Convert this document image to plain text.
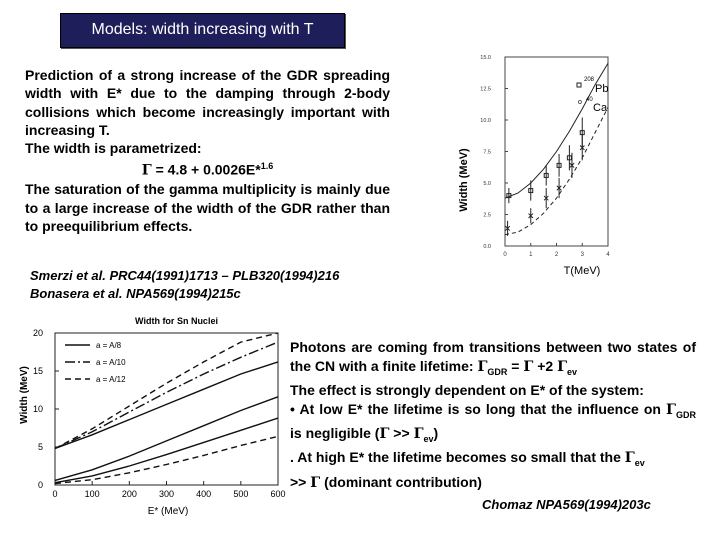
Models: width increasing with T
Prediction of a strong increase of the GDR spreading width with E* due to the damping through 2-body collisions which become increasingly important with increasing T.
The width is parametrized:
Γ = 4.8 + 0.0026E*$^{1.6}$
The saturation of the gamma multiplicity is mainly due to a large increase of the width of the GDR rather than to preequilibrium effects.
Smerzi et al. PRC44(1991)1713 – PLB320(1994)216
Bonasera et al. NPA569(1994)215c
Photons are coming from transitions between two states of the CN with a finite lifetime: $\Gamma_{GDR} = \Gamma +2$ $\Gamma_{ev}$
The effect is strongly dependent on E* of the system:
• At low E* the lifetime is so long that the influence on $\Gamma_{GDR}$ is negligible $(\Gamma >> \Gamma_{ev})$
. At high E* the lifetime becomes so small that the $\Gamma_{ev}$
>> Γ (dominant contribution)
Chomaz NPA569(1994)203c
0.0
2.5
5.0
7.5
10.0
12.5
15.0
0	1	2	3	4
208
Pb
o 40
Ca
Width (MeV)
T(MeV)
Width for Sn Nuclei
0
5
10
15
20
0	100 200 300 400 500 600
a = A/8
a = A/10
a = A/12
Width (MeV)
E* (MeV)
